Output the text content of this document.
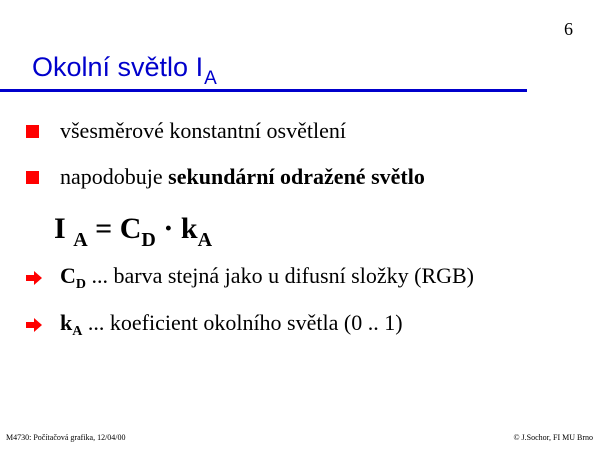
6
Okolní světlo $I_A$
všesměrové konstantní osvětlení
napodobuje sekundární odražené světlo
I $_A = C_D \cdot k_A$
$C_D$ ... barva stejná jako u difusní složky (RGB)
$k_A$ ... koeficient okolního světla (0 .. 1)
M4730: Počítačová grafika, 12/04/00	© J.Sochor, FI MU Brno
